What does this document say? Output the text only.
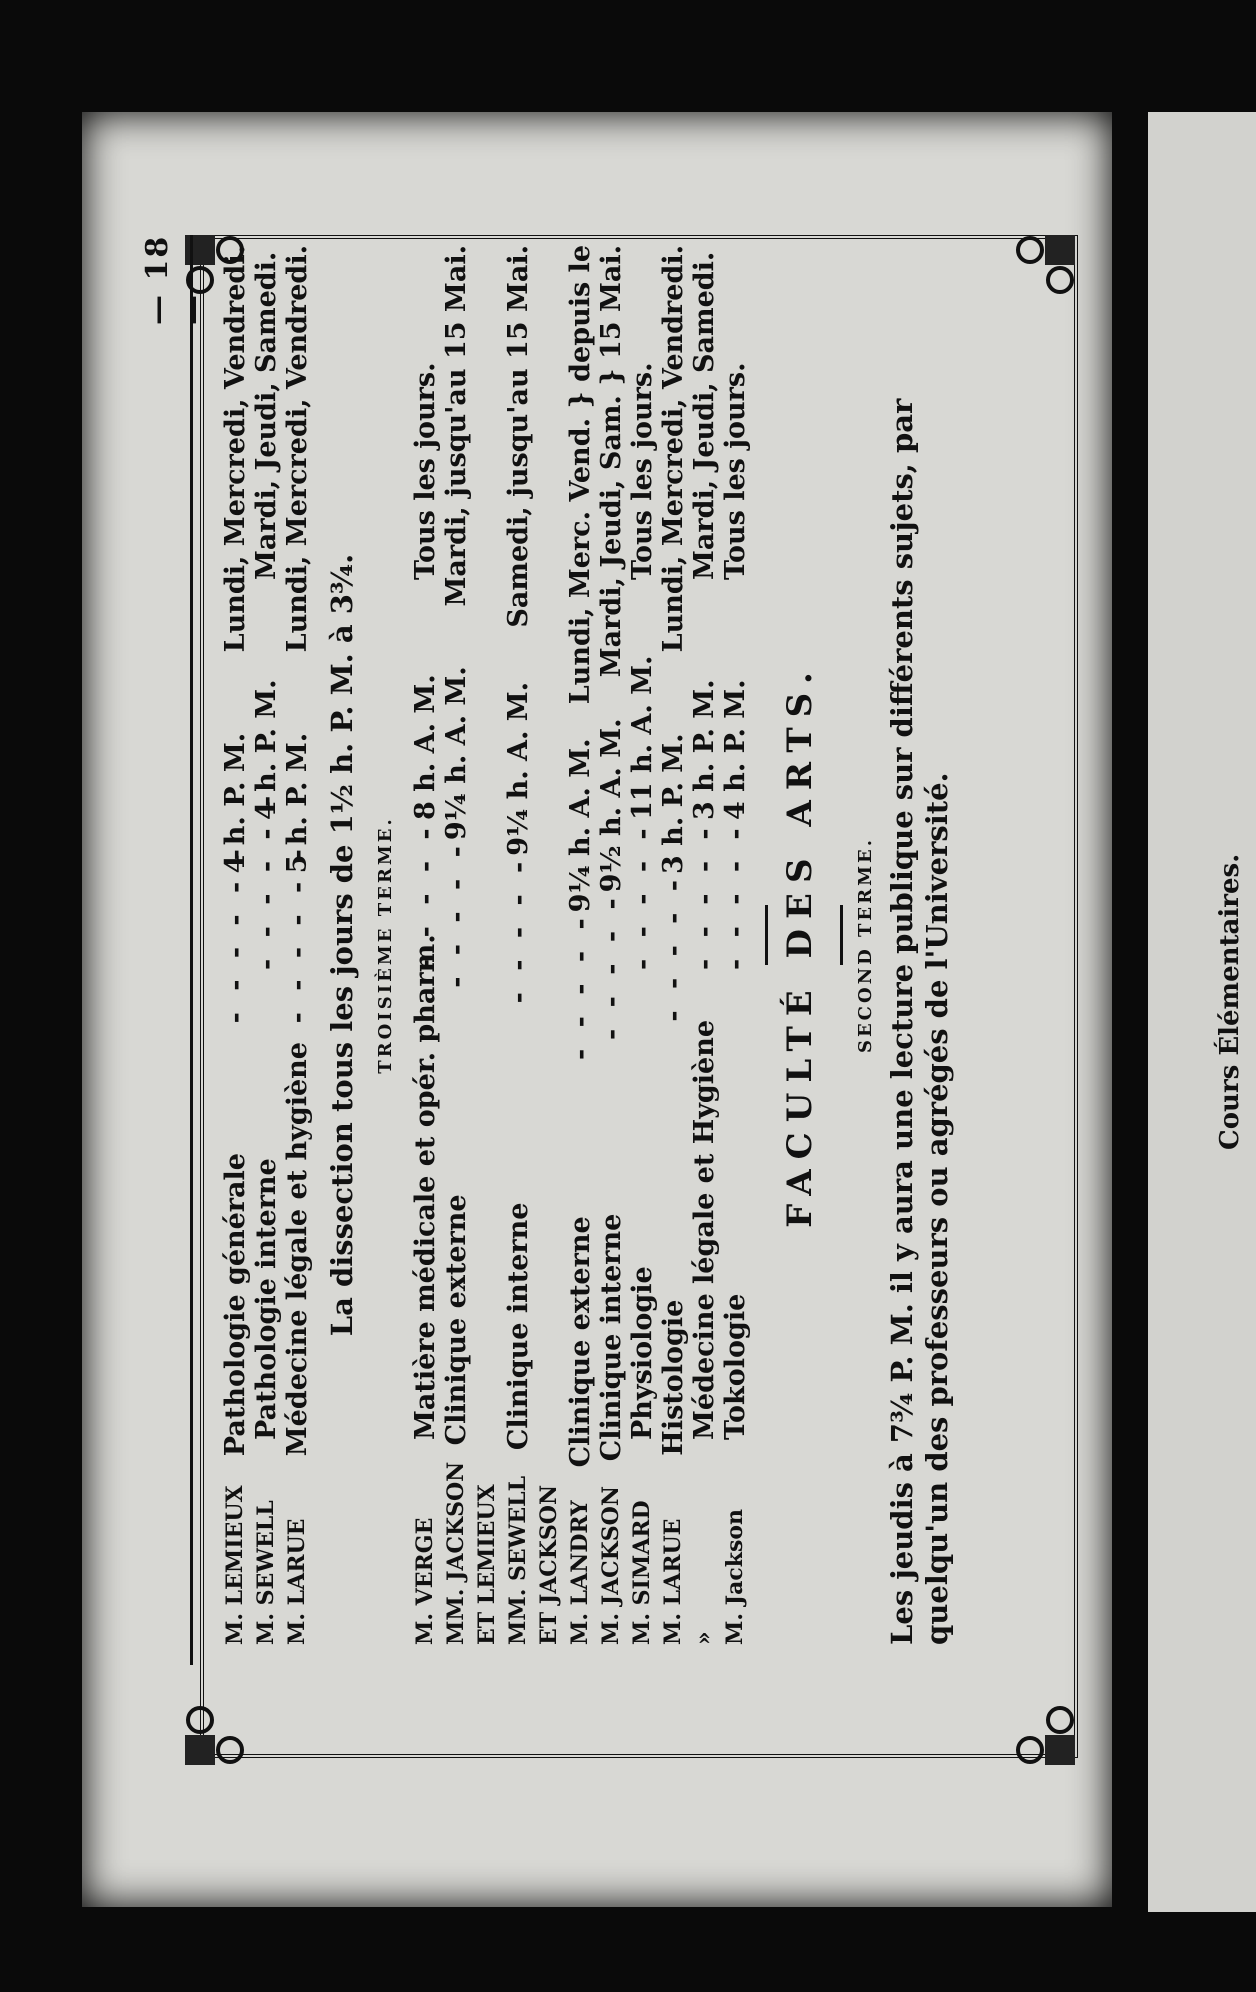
— 18 —
M. LEMIEUX
Pathologie générale
- - - - - -
4 h. P. M.
Lundi, Mercredi, Vendredi.
M. SEWELL
Pathologie interne
- - - - - -
4 h. P. M.
Mardi, Jeudi, Samedi.
M. LARUE
Médecine légale et hygiène
- - - - - -
5 h. P. M.
Lundi, Mercredi, Vendredi.
La dissection tous les jours de 1½ h. P. M. à 3¾. TROISIÈME TERME.
M. VERGE
Matière médicale et opér. pharm.
- - - - -
8 h. A. M.
Tous les jours.
MM. JACKSON
Clinique externe
- - - - -
9¼ h. A. M.
Mardi, jusqu'au 15 Mai.
ET LEMIEUX MM. SEWELL
Clinique interne
- - - - -
9¼ h. A. M.
Samedi, jusqu'au 15 Mai.
ET JACKSON M. LANDRY
Clinique externe
- - - - -
9¼ h. A. M.
Lundi, Merc. Vend. } depuis le
M. JACKSON
Clinique interne
- - - - -
9½ h. A. M.
Mardi, Jeudi, Sam. } 15 Mai.
M. SIMARD
Physiologie
- - - - -
11 h. A. M.
Tous les jours.
M. LARUE
Histologie
- - - - -
3 h. P. M.
Lundi, Mercredi, Vendredi.
»
Médecine légale et Hygiène
- - - - -
3 h. P. M.
Mardi, Jeudi, Samedi.
M. Jackson
Tokologie
- - - - -
4 h. P. M.
Tous les jours.
FACULTÉ DES ARTS. SECOND TERME. Les jeudis à 7¾ P. M. il y aura une lecture publique sur différents sujets, par quelqu'un des professeurs ou agrégés de l'Université.	Cours Élémentaires.
